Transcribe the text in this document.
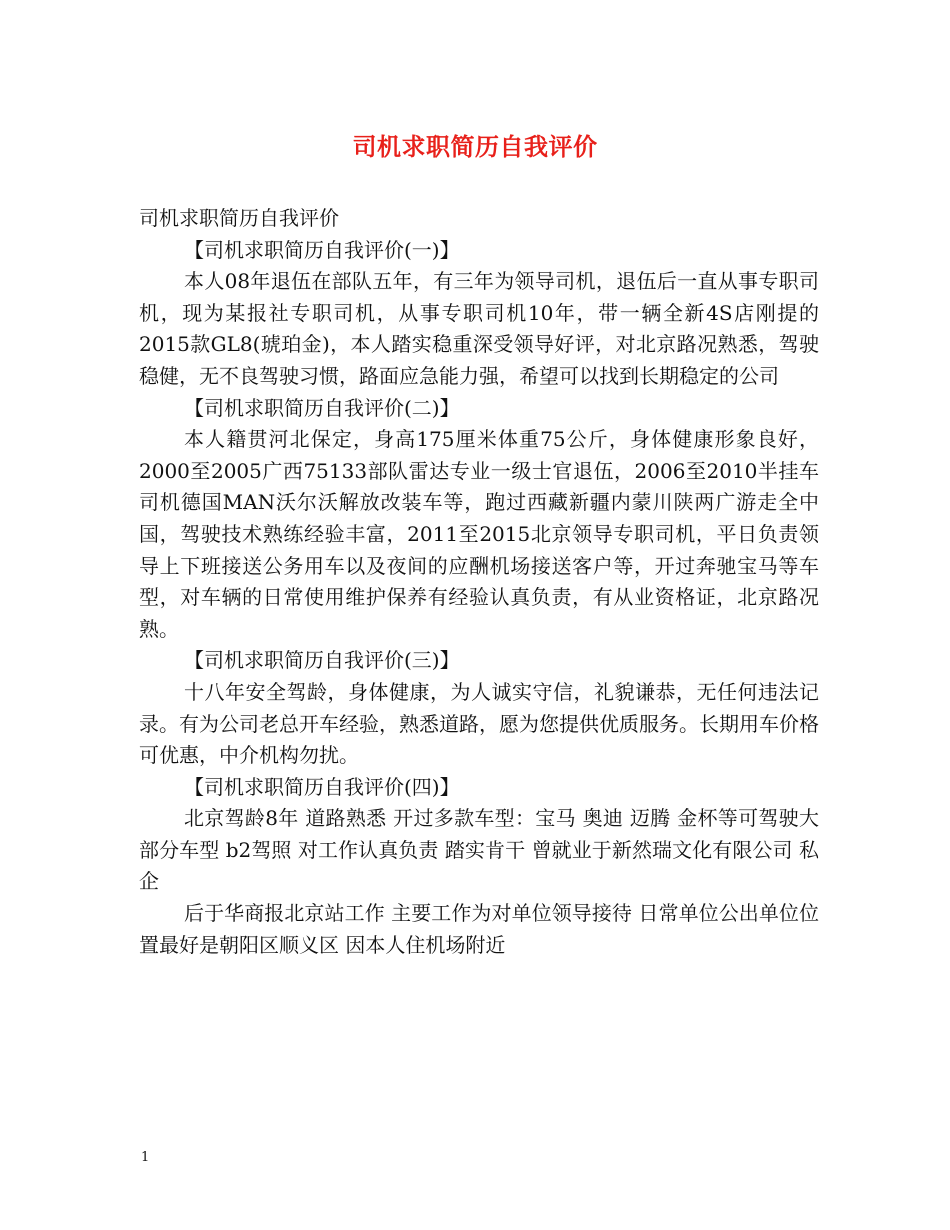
司机求职简历自我评价

司机求职简历自我评价

【司机求职简历自我评价(一)】

本人08年退伍在部队五年，有三年为领导司机，退伍后一直从事专职司机，现为某报社专职司机，从事专职司机10年，带一辆全新4S店刚提的2015款GL8(琥珀金)，本人踏实稳重深受领导好评，对北京路况熟悉，驾驶稳健，无不良驾驶习惯，路面应急能力强，希望可以找到长期稳定的公司

【司机求职简历自我评价(二)】

本人籍贯河北保定，身高175厘米体重75公斤，身体健康形象良好，2000至2005广西75133部队雷达专业一级士官退伍，2006至2010半挂车司机德国MAN沃尔沃解放改装车等，跑过西藏新疆内蒙川陕两广游走全中国，驾驶技术熟练经验丰富，2011至2015北京领导专职司机，平日负责领导上下班接送公务用车以及夜间的应酬机场接送客户等，开过奔驰宝马等车型，对车辆的日常使用维护保养有经验认真负责，有从业资格证，北京路况熟。

【司机求职简历自我评价(三)】

十八年安全驾龄，身体健康，为人诚实守信，礼貌谦恭，无任何违法记录。有为公司老总开车经验，熟悉道路，愿为您提供优质服务。长期用车价格可优惠，中介机构勿扰。

【司机求职简历自我评价(四)】

北京驾龄8年 道路熟悉 开过多款车型：宝马 奥迪 迈腾 金杯等可驾驶大部分车型 b2驾照 对工作认真负责 踏实肯干 曾就业于新然瑞文化有限公司 私企

后于华商报北京站工作 主要工作为对单位领导接待 日常单位公出单位位置最好是朝阳区顺义区 因本人住机场附近

1
